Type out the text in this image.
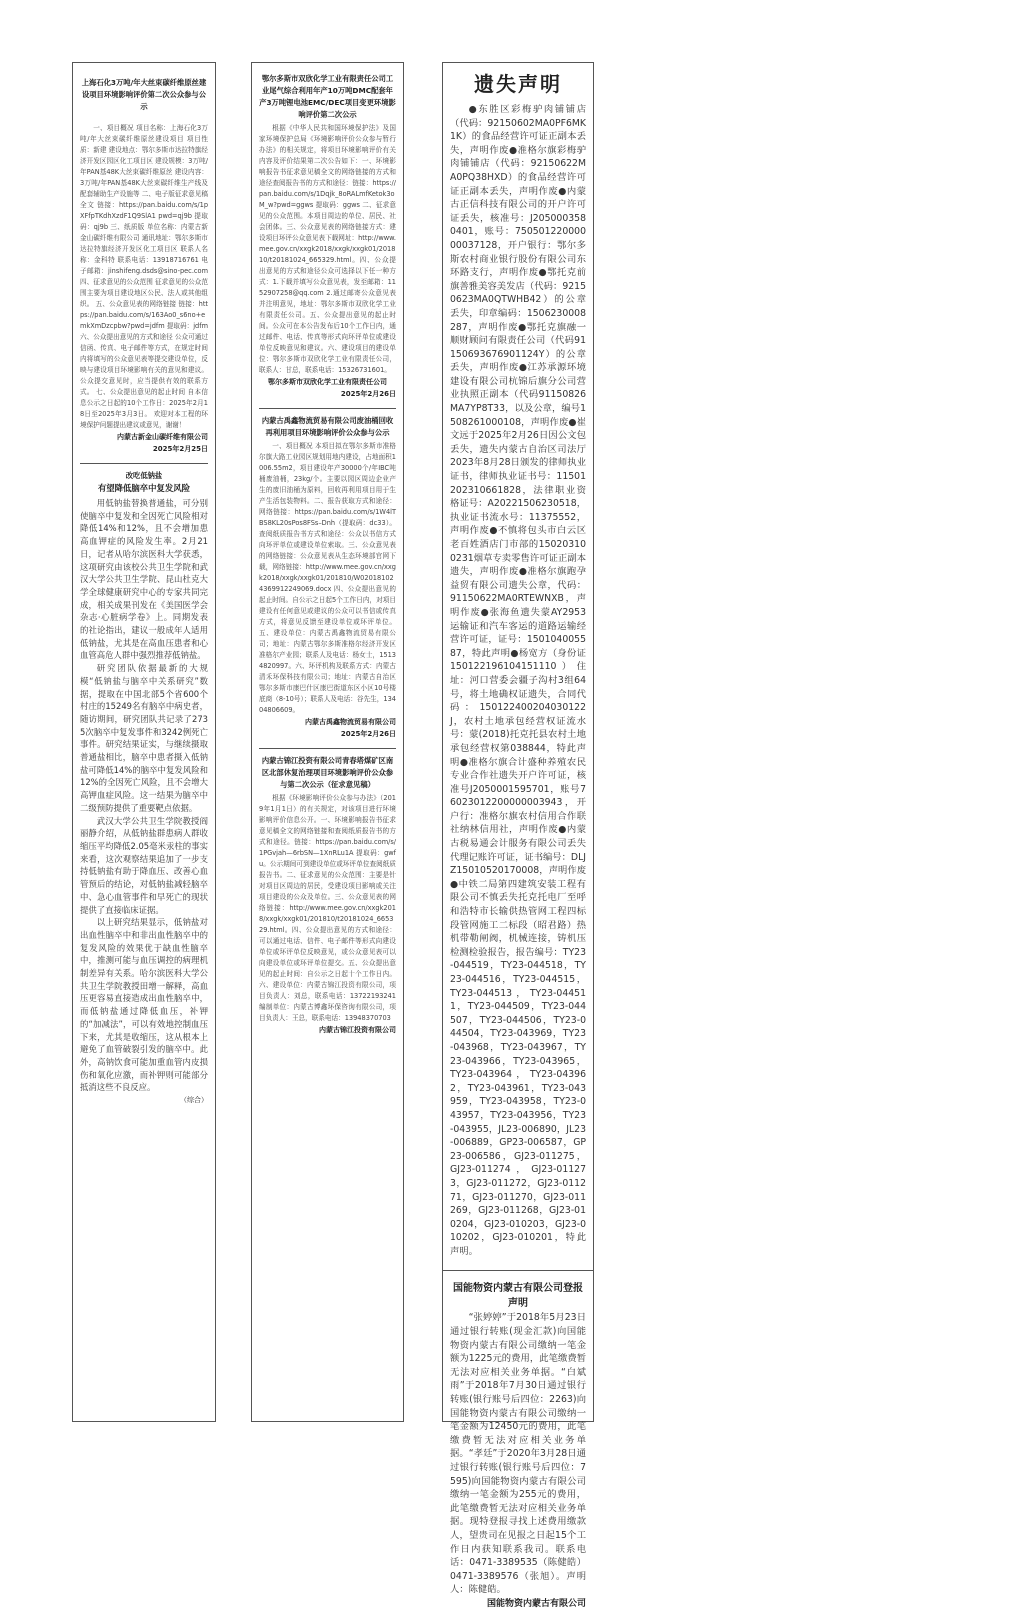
上海石化3万吨/年大丝束碳纤维原丝建设项目环境影响评价第二次公众参与公示

一、项目概况 项目名称：上海石化3万吨/年大丝束碳纤维原丝建设项目 项目性质：新建 建设地点：鄂尔多斯市达拉特旗经济开发区园区化工项目区 建设规模：3万吨/年PAN基48K大丝束碳纤维原丝 建设内容：3万吨/年PAN基48K大丝束碳纤维生产线及配套辅助生产设施等 二、电子版征求意见稿全文 链接：https://pan.baidu.com/s/1pXFfpTKdhXzdF1Q9SlA1 pwd=qj9b 提取码：qj9b 三、纸质版 单位名称：内蒙古新金山碳纤维有限公司 通讯地址：鄂尔多斯市达拉特旗经济开发区化工项目区 联系人名称：金科特 联系电话：13918716761 电子邮箱：jinshifeng.dsds@sino-pec.com 四、征求意见的公众范围 征求意见的公众范围主要为项目建设地区公民、法人或其他组织。 五、公众意见表的网络链接 链接：https://pan.baidu.com/s/163Ao0_s6no+emkXmDzcpbw?pwd=jdfm 提取码：jdfm 六、公众提出意见的方式和途径 公众可通过信函、传真、电子邮件等方式，在规定时间内将填写的公众意见表等提交建设单位，反映与建设项目环境影响有关的意见和建议。公众提交意见时，应当提供有效的联系方式。 七、公众提出意见的起止时间 自本信息公示之日起的10个工作日：2025年2月18日至2025年3月3日。 欢迎对本工程的环境保护问题提出建议或意见，谢谢！

内蒙古新金山碳纤维有限公司

2025年2月25日

改吃低钠盐
有望降低脑卒中复发风险

用低钠盐替换普通盐，可分别使脑卒中复发和全因死亡风险相对降低14%和12%，且不会增加患高血钾症的风险发生率。2月21日，记者从哈尔滨医科大学获悉，这项研究由该校公共卫生学院和武汉大学公共卫生学院、昆山杜克大学全球健康研究中心的专家共同完成，相关成果刊发在《美国医学会杂志·心脏病学卷》上。同期发表的社论指出，建议一般成年人适用低钠盐，尤其是在高血压患者和心血管高危人群中强烈推荐低钠盐。

研究团队依据最新的大规模“低钠盐与脑卒中关系研究”数据，提取在中国北部5个省600个村庄的15249名有脑卒中病史者，随访期间，研究团队共记录了2735次脑卒中复发事件和3242例死亡事件。研究结果证实，与继续摄取普通盐相比，脑卒中患者摄入低钠盐可降低14%的脑卒中复发风险和12%的全因死亡风险，且不会增大高钾血症风险。这一结果为脑卒中二级预防提供了重要靶点依据。

武汉大学公共卫生学院教授阎丽静介绍，从低钠盐群患病人群收缩压平均降低2.05毫米汞柱的事实来看，这次观察结果追加了一步支持低钠盐有助于降血压、改善心血管预后的结论，对低钠盐减轻脑卒中、急心血管事件和早死亡的现状提供了直接临床证据。

以上研究结果显示，低钠盐对出血性脑卒中和非出血性脑卒中的复发风险的效果优于缺血性脑卒中，推测可能与血压调控的病理机制差异有关系。哈尔滨医科大学公共卫生学院教授田增一解释，高血压更容易直接造成出血性脑卒中，而低钠盐通过降低血压，补钾的“加减法”，可以有效地控制血压下来，尤其是收缩压，这从根本上避免了血管破裂引发的脑卒中。此外，高钠饮食可能加重血管内皮损伤和氧化应激，而补钾则可能部分抵消这些不良反应。

（综合）

鄂尔多斯市双欣化学工业有限责任公司工业尾气综合利用年产10万吨DMC配套年产3万吨锂电池EMC/DEC项目变更环境影响评价第二次公示

根据《中华人民共和国环境保护法》及国家环境保护总局《环境影响评价公众参与暂行办法》的相关规定，将项目环境影响评价有关内容及评价结果第二次公告如下：一、环境影响报告书征求意见稿全文的网络链接的方式和途径查阅报告书的方式和途径：链接：https://pan.baidu.com/s/1Dqjk_8oRALmfKetok3oM_w?pwd=ggws 提取码：ggws 二、征求意见的公众范围。本项目周边的单位、居民、社会团体。三、公众意见表的网络链接方式：建设项目环评公众意见表下载网址：http://www.mee.gov.cn/xxgk2018/xxgk/xxgk01/201810/t20181024_665329.html。四、公众提出意见的方式和途径公众可选择以下任一种方式：1.下载并填写公众意见表，发至邮箱：1152907258@qq.com 2.通过邮寄公众意见表并注明意见，地址：鄂尔多斯市双欣化学工业有限责任公司。五、公众提出意见的起止时间。公众可在本公告发布后10个工作日内，通过邮件、电话、传真等形式向环评单位或建设单位反映意见和建议。六、建设项目的建设单位：鄂尔多斯市双欣化学工业有限责任公司，联系人：甘总，联系电话：15326731601。

鄂尔多斯市双欣化学工业有限责任公司

2025年2月26日

内蒙古禹鑫物流贸易有限公司废油桶回收再利用项目环境影响评价公众参与公示

一、项目概况 本项目拟在鄂尔多斯市准格尔旗大路工业园区规划用地内建设，占地面积1006.55m2，项目建设年产30000个/年IBC吨桶废油桶，23kg/个。主要以园区周边企业产生的废旧油桶为原料，回收再利用项目用于生产生活包装物料。二、报告获取方式和途径：网络链接：https://pan.baidu.com/s/1W4lTBS8KL20sPos8FSs–Dnh（提取码：dc33）。查阅纸质报告书方式和途径：公众以书信方式向环评单位或建设单位索取。三、公众意见表的网络链接：公众意见表从生态环境部官网下载，网络链接：http://www.mee.gov.cn/xxgk2018/xxgk/xxgk01/201810/W020181024369912249069.docx 四、公众提出意见的起止时间。自公示之日起5个工作日内，对项目建设有任何意见或建议的公众可以书信或传真方式，将意见反馈至建设单位或环评单位。五、建设单位：内蒙古禹鑫物流贸易有限公司；地址：内蒙古鄂尔多斯准格尔经济开发区准格尔产业园；联系人及电话：杨女士，15134820997。六、环评机构及联系方式：内蒙古清禾环保科技有限公司；地址：内蒙古自治区鄂尔多斯市康巴什区康巴街道东区小区10号楼底商（8-10号）；联系人及电话：谷先生，13404806609。

内蒙古禹鑫物流贸易有限公司

2025年2月26日

内蒙古锦江投资有限公司青春塔煤矿区南区北部休复治理项目环境影响评价公众参与第二次公示（征求意见稿）

根据《环境影响评价公众参与办法》（2019年1月1日）的有关规定，对该项目进行环境影响评价信息公开。一、环境影响报告书征求意见稿全文的网络链接和查阅纸质报告书的方式和途径。链接：https://pan.baidu.com/s/1PGvjah—6rbSN—1XnRLu1A 提取码：gwfu。公示期间可到建设单位或环评单位查阅纸质报告书。二、征求意见的公众范围：主要是针对项目区周边的居民，受建设项目影响或关注项目建设的公众及单位。三、公众意见表的网络链接：http://www.mee.gov.cn/xxgk2018/xxgk/xxgk01/201810/t20181024_665329.html。四、公众提出意见的方式和途径：可以通过电话、信件、电子邮件等形式向建设单位或环评单位反映意见，或公众意见表可以向建设单位或环评单位提交。五、公众提出意见的起止时间：自公示之日起十个工作日内。六、建设单位：内蒙古锦江投资有限公司，项目负责人：刘总，联系电话：13722193241 编制单位：内蒙古博鑫环保咨询有限公司，项目负责人：王总，联系电话：13948370703

内蒙古锦江投资有限公司

遗失声明

●东胜区彩梅驴肉铺铺店（代码：92150602MA0PF6MK1K）的食品经营许可证正副本丢失，声明作废●准格尔旗彩梅驴肉铺铺店（代码：92150622MA0PQ38HXD）的食品经营许可证正副本丢失，声明作废●内蒙古正信科技有限公司的开户许可证丢失，核准号：J2050003580401，账号：75050122000000037128，开户银行：鄂尔多斯农村商业银行股份有限公司东环路支行，声明作废●鄂托克前旗善雅美容美发店（代码：92150623MA0QTWHB42）的公章丢失，印章编码：1506230008287，声明作废●鄂托克旗融一顺财顾问有限责任公司（代码91150693676901124Y）的公章丢失，声明作废●江苏承源环境建设有限公司杭锦后旗分公司营业执照正副本（代码91150826MA7YP8T33，以及公章，编号1508261000108，声明作废●崔文远于2025年2月26日因公文包丢失，遗失内蒙古自治区司法厅2023年8月28日颁发的律师执业证书，律师执业证书号：11501202310661828，法律职业资格证号：A20221506230518，执业证书流水号：11375552，声明作废●不慎将包头市白云区老百姓酒店门市部的150203100231烟草专卖零售许可证正副本遗失，声明作废●准格尔旗跑孕益贸有限公司遗失公章，代码：91150622MA0RTEWNXB，声明作废●张海鱼遗失蒙AY2953运输证和汽车客运的道路运输经营许可证，证号：150104005587，特此声明●杨宽方（身份证150122196104151110）住址：河口营委会疆子沟村3组64号，将土地确权证遗失，合同代码：150122400204030122J，农村土地承包经营权证流水号：蒙(2018)托克托县农村土地承包经营权第038844，特此声明●准格尔旗合计盛种养殖农民专业合作社遗失开户许可证，核准号J2050001595701，账号76023012200000003943，开户行：准格尔旗农村信用合作联社纳林信用社，声明作废●内蒙古税易通会计服务有限公司丢失代理记账许可证，证书编号：DLJZ15010520170008，声明作废●中铁二局第四建筑安装工程有限公司不慎丢失托克托电厂至呼和浩特市长输供热管网工程四标段管网施工二标段（昭君路）热机带勒闸阀，机械连接，铸机压检测检验报告，报告编号：TY23-044519，TY23-044518，TY23-044516，TY23-044515，TY23-044513，TY23-044511，TY23-044509，TY23-044507，TY23-044506，TY23-044504，TY23-043969，TY23-043968，TY23-043967，TY23-043966，TY23-043965，TY23-043964，TY23-043962，TY23-043961，TY23-043959，TY23-043958，TY23-043957，TY23-043956，TY23-043955，JL23-006890，JL23-006889，GP23-006587，GP23-006586，GJ23-011275，GJ23-011274，GJ23-011273，GJ23-011272，GJ23-011271，GJ23-011270，GJ23-011269，GJ23-011268，GJ23-010204，GJ23-010203，GJ23-010202，GJ23-010201，特此声明。

国能物资内蒙古有限公司登报声明

“张婷婷”于2018年5月23日通过银行转账(现金汇款)向国能物资内蒙古有限公司缴纳一笔金额为1225元的费用，此笔缴费暂无法对应相关业务单据。“白斌雨”于2018年7月30日通过银行转账(银行账号后四位：2263)向国能物资内蒙古有限公司缴纳一笔金额为12450元的费用，此笔缴费暂无法对应相关业务单据。“孝廷”于2020年3月28日通过银行转账(银行账号后四位：7595)向国能物资内蒙古有限公司缴纳一笔金额为255元的费用，此笔缴费暂无法对应相关业务单据。现特登报寻找上述费用缴款人，望贵司在见报之日起15个工作日内获知联系我司。联系电话：0471-3389535（陈健皓）0471-3389576（张旭）。声明人：陈健皓。

国能物资内蒙古有限公司
